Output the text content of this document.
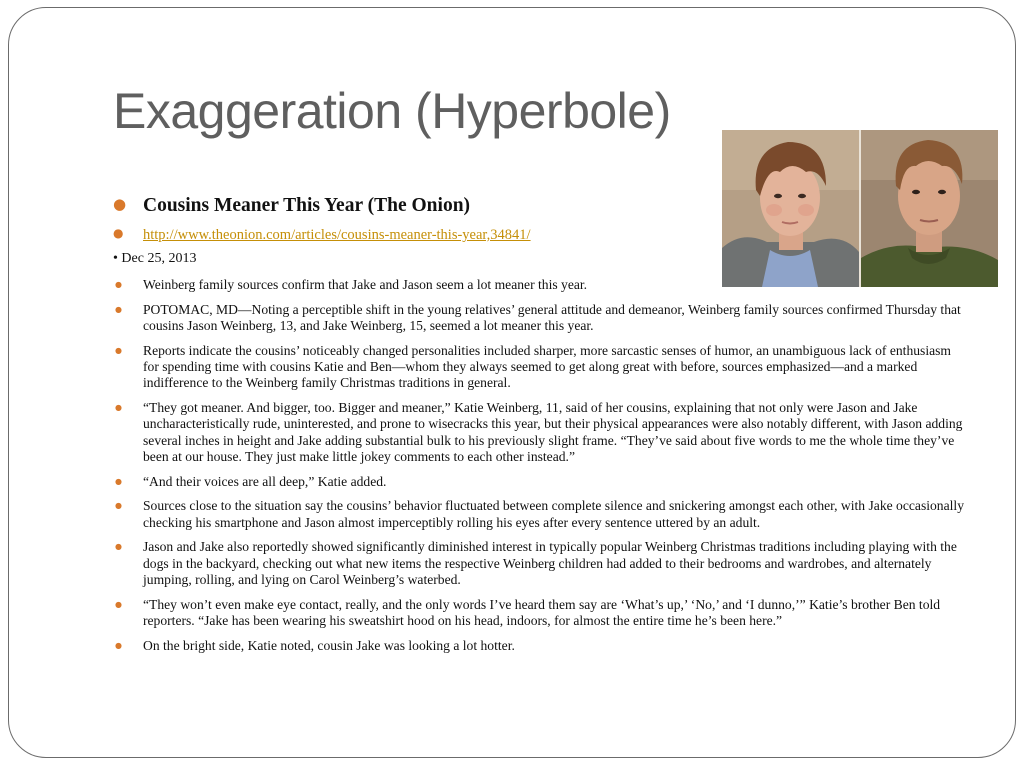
Exaggeration (Hyperbole)
● Cousins Meaner This Year (The Onion)
● http://www.theonion.com/articles/cousins-meaner-this-year,34841/
• Dec 25, 2013
● Weinberg family sources confirm that Jake and Jason seem a lot meaner this year.
● POTOMAC, MD—Noting a perceptible shift in the young relatives’ general attitude and demeanor, Weinberg family sources confirmed Thursday that cousins Jason Weinberg, 13, and Jake Weinberg, 15, seemed a lot meaner this year.
● Reports indicate the cousins’ noticeably changed personalities included sharper, more sarcastic senses of humor, an unambiguous lack of enthusiasm for spending time with cousins Katie and Ben—whom they always seemed to get along great with before, sources emphasized—and a marked indifference to the Weinberg family Christmas traditions in general.
● “They got meaner. And bigger, too. Bigger and meaner,” Katie Weinberg, 11, said of her cousins, explaining that not only were Jason and Jake uncharacteristically rude, uninterested, and prone to wisecracks this year, but their physical appearances were also notably different, with Jason adding several inches in height and Jake adding substantial bulk to his previously slight frame. “They’ve said about five words to me the whole time they’ve been at our house. They just make little jokey comments to each other instead.”
● “And their voices are all deep,” Katie added.
● Sources close to the situation say the cousins’ behavior fluctuated between complete silence and snickering amongst each other, with Jake occasionally checking his smartphone and Jason almost imperceptibly rolling his eyes after every sentence uttered by an adult.
● Jason and Jake also reportedly showed significantly diminished interest in typically popular Weinberg Christmas traditions including playing with the dogs in the backyard, checking out what new items the respective Weinberg children had added to their bedrooms and wardrobes, and alternately jumping, rolling, and lying on Carol Weinberg’s waterbed.
● “They won’t even make eye contact, really, and the only words I’ve heard them say are ‘What’s up,’ ‘No,’ and ‘I dunno,’” Katie’s brother Ben told reporters. “Jake has been wearing his sweatshirt hood on his head, indoors, for almost the entire time he’s been here.”
● On the bright side, Katie noted, cousin Jake was looking a lot hotter.
